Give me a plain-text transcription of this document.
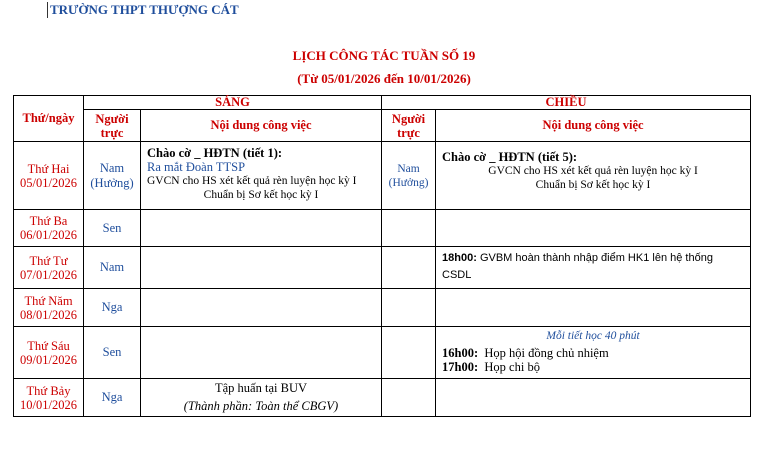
TRƯỜNG THPT THƯỢNG CÁT
LỊCH CÔNG TÁC TUẦN SỐ 19
(Từ 05/01/2026 đến 10/01/2026)
Thứ/ngày	SÁNG		CHIỀU	
	Người trực	Nội dung công việc	Người trực	Nội dung công việc

Thứ Hai
05/01/2026	Nam (Hưởng)	Chào cờ _ HĐTN (tiết 1):
Ra mắt Đoàn TTSP
GVCN cho HS xét kết quả rèn luyện học kỳ I
Chuẩn bị Sơ kết học kỳ I	Nam (Hưởng)	Chào cờ _ HĐTN (tiết 5):
GVCN cho HS xét kết quả rèn luyện học kỳ I
Chuẩn bị Sơ kết học kỳ I

Thứ Ba
06/01/2026	Sen			

Thứ Tư
07/01/2026	Nam			18h00: GVBM hoàn thành nhập điểm HK1 lên hệ thống CSDL

Thứ Năm
08/01/2026	Nga			

Thứ Sáu
09/01/2026	Sen			Mỗi tiết học 40 phút
16h00: Họp hội đồng chủ nhiệm
17h00: Họp chi bộ

Thứ Bảy
10/01/2026	Nga	Tập huấn tại BUV
(Thành phần: Toàn thể CBGV)		
